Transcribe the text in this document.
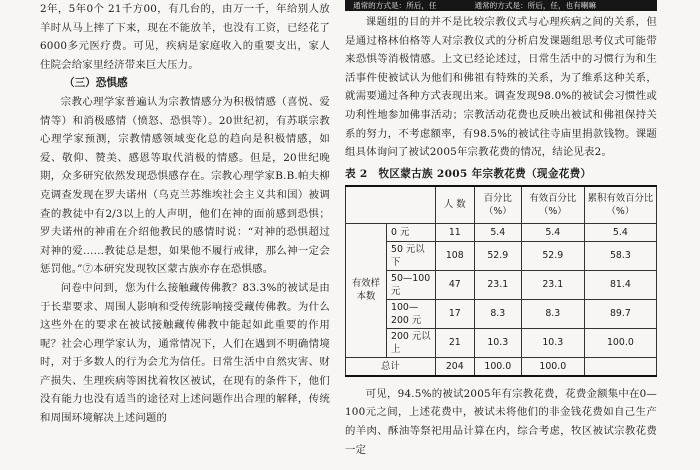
2年，5年0个 21千方00，有几台的，由万一千，年给别人放羊时从马上摔了下来，现在不能放羊，也没有工资，已经花了6000多元医疗费。可见，疾病是家庭收入的重要支出，家人住院会给家里经济带来巨大压力。

（三）恐惧感

宗教心理学家普遍认为宗教情感分为积极情感（喜悦、爱情等）和消极感情（愤怒、恐惧等）。20世纪初，有苏联宗教心理学家预测，宗教情感领域变化总的趋向是积极情感，如爱、敬仰、赞美、感恩等取代消极的情感。但是，20世纪晚期，众多研究依然发现恐惧感存在。宗教心理学家B.B.帕夫柳克调查发现在罗夫诺州（乌克兰苏维埃社会主义共和国）被调查的教徒中有2/3以上的人声明，他们在神的面前感到恐惧；罗夫诺州的神甫在介绍他教民的感情时说：“对神的恐惧超过对神的爱……教徒总是想，如果他不履行戒律，那么神一定会惩罚他。”⑦本研究发现牧区蒙古族亦存在恐惧感。

问卷中问到，您为什么接触藏传佛教？83.3%的被试是由于长辈要求、周围人影响和受传统影响接受藏传佛教。为什么这些外在的要求在被试接触藏传佛教中能起如此重要的作用呢？社会心理学家认为，通常情况下，人们在遇到不明确情境时，对于多数人的行为会尤为信任。日常生活中自然灾害、财产损失、生理疾病等困扰着牧区被试，在现有的条件下，他们没有能力也没有适当的途径对上述问题作出合理的解释，传统和周围环境解决上述问题的

通常的方式是：所后，任　　　　　通常的方式是：所后，任，也有喇嘛

课题组的目的并不是比较宗教仪式与心理疾病之间的关系，但是通过格林伯格等人对宗教仪式的分析启发课题组思考仪式可能带来恐惧等消极情感。上文已经论述过，日常生活中的习惯行为和生活事件使被试认为他们和佛祖有特殊的关系，为了维系这种关系，就需要通过各种方式表现出来。调查发现98.0%的被试会习惯性或功利性地参加佛事活动；宗教活动花费也反映出被试和佛祖保持关系的努力，不考虑额率，有98.5%的被试往寺庙里捐款钱物。课题组具体询问了被试2005年宗教花费的情况，结论见表2。

表 2　牧区蒙古族 2005 年宗教花费（现金花费）
		人 数	百分比（%）	有效百分比（%）	累积有效百分比（%）
有效样本数	0 元	11	5.4	5.4	5.4
	50 元以下	108	52.9	52.9	58.3
	50—100 元	47	23.1	23.1	81.4
	100—200 元	17	8.3	8.3	89.7
	200 元以上	21	10.3	10.3	100.0
总计		204	100.0	100.0	

可见，94.5%的被试2005年有宗教花费，花费金额集中在0—100元之间，上述花费中，被试未将他们的非金钱花费如自己生产的羊肉、酥油等祭祀用品计算在内，综合考虑，牧区被试宗教花费一定
